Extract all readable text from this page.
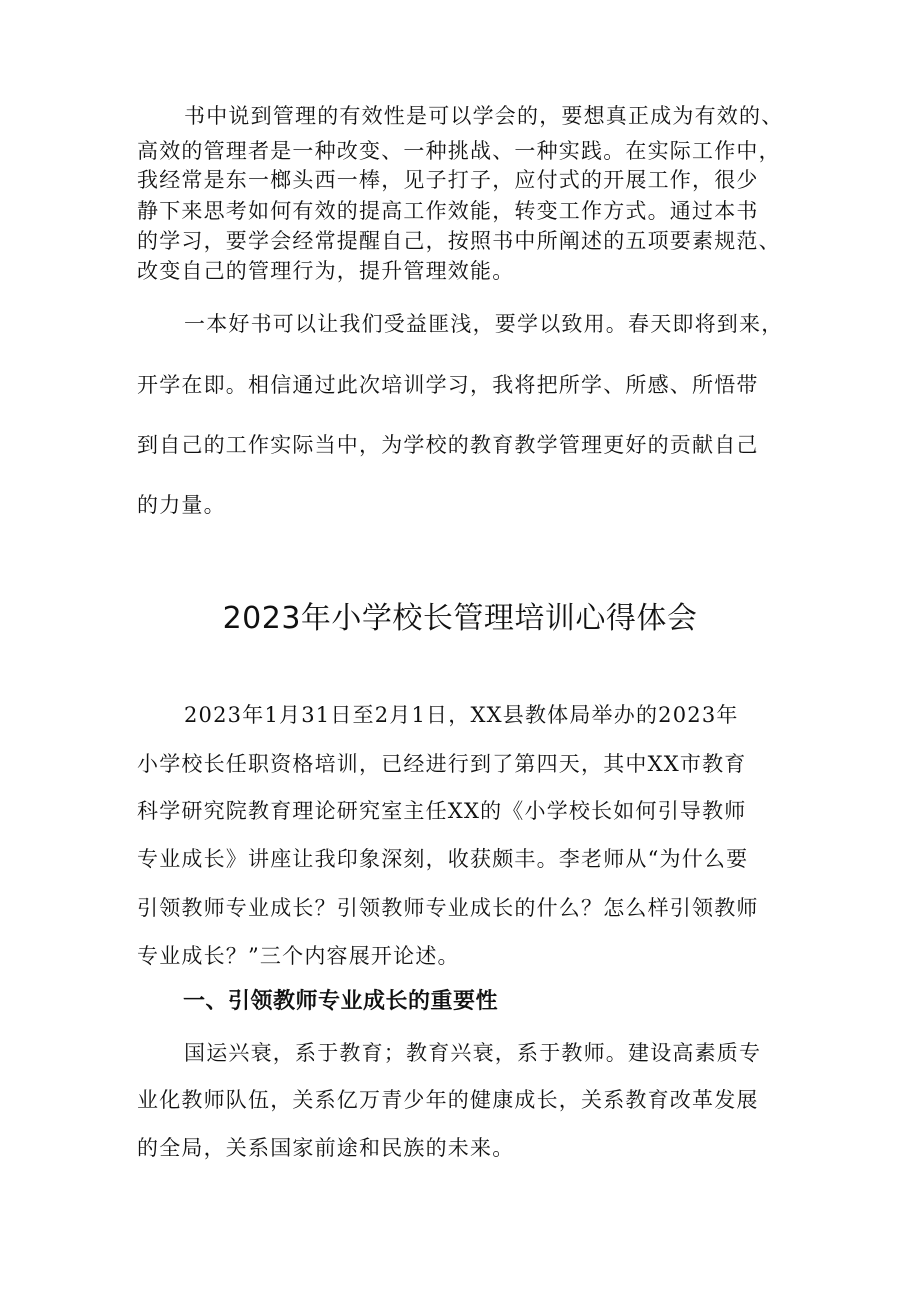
书中说到管理的有效性是可以学会的，要想真正成为有效的、
高效的管理者是一种改变、一种挑战、一种实践。在实际工作中，
我经常是东一榔头西一棒，见子打子，应付式的开展工作，很少
静下来思考如何有效的提高工作效能，转变工作方式。通过本书
的学习，要学会经常提醒自己，按照书中所阐述的五项要素规范、
改变自己的管理行为，提升管理效能。
一本好书可以让我们受益匪浅，要学以致用。春天即将到来，
开学在即。相信通过此次培训学习，我将把所学、所感、所悟带
到自己的工作实际当中，为学校的教育教学管理更好的贡献自己
的力量。
2023年小学校长管理培训心得体会
2023年1月31日至2月1日，XX县教体局举办的2023年
小学校长任职资格培训，已经进行到了第四天，其中XX市教育
科学研究院教育理论研究室主任XX的《小学校长如何引导教师
专业成长》讲座让我印象深刻，收获颇丰。李老师从“为什么要
引领教师专业成长？引领教师专业成长的什么？怎么样引领教师
专业成长？”三个内容展开论述。
一、引领教师专业成长的重要性
国运兴衰，系于教育；教育兴衰，系于教师。建设高素质专
业化教师队伍，关系亿万青少年的健康成长，关系教育改革发展
的全局，关系国家前途和民族的未来。
